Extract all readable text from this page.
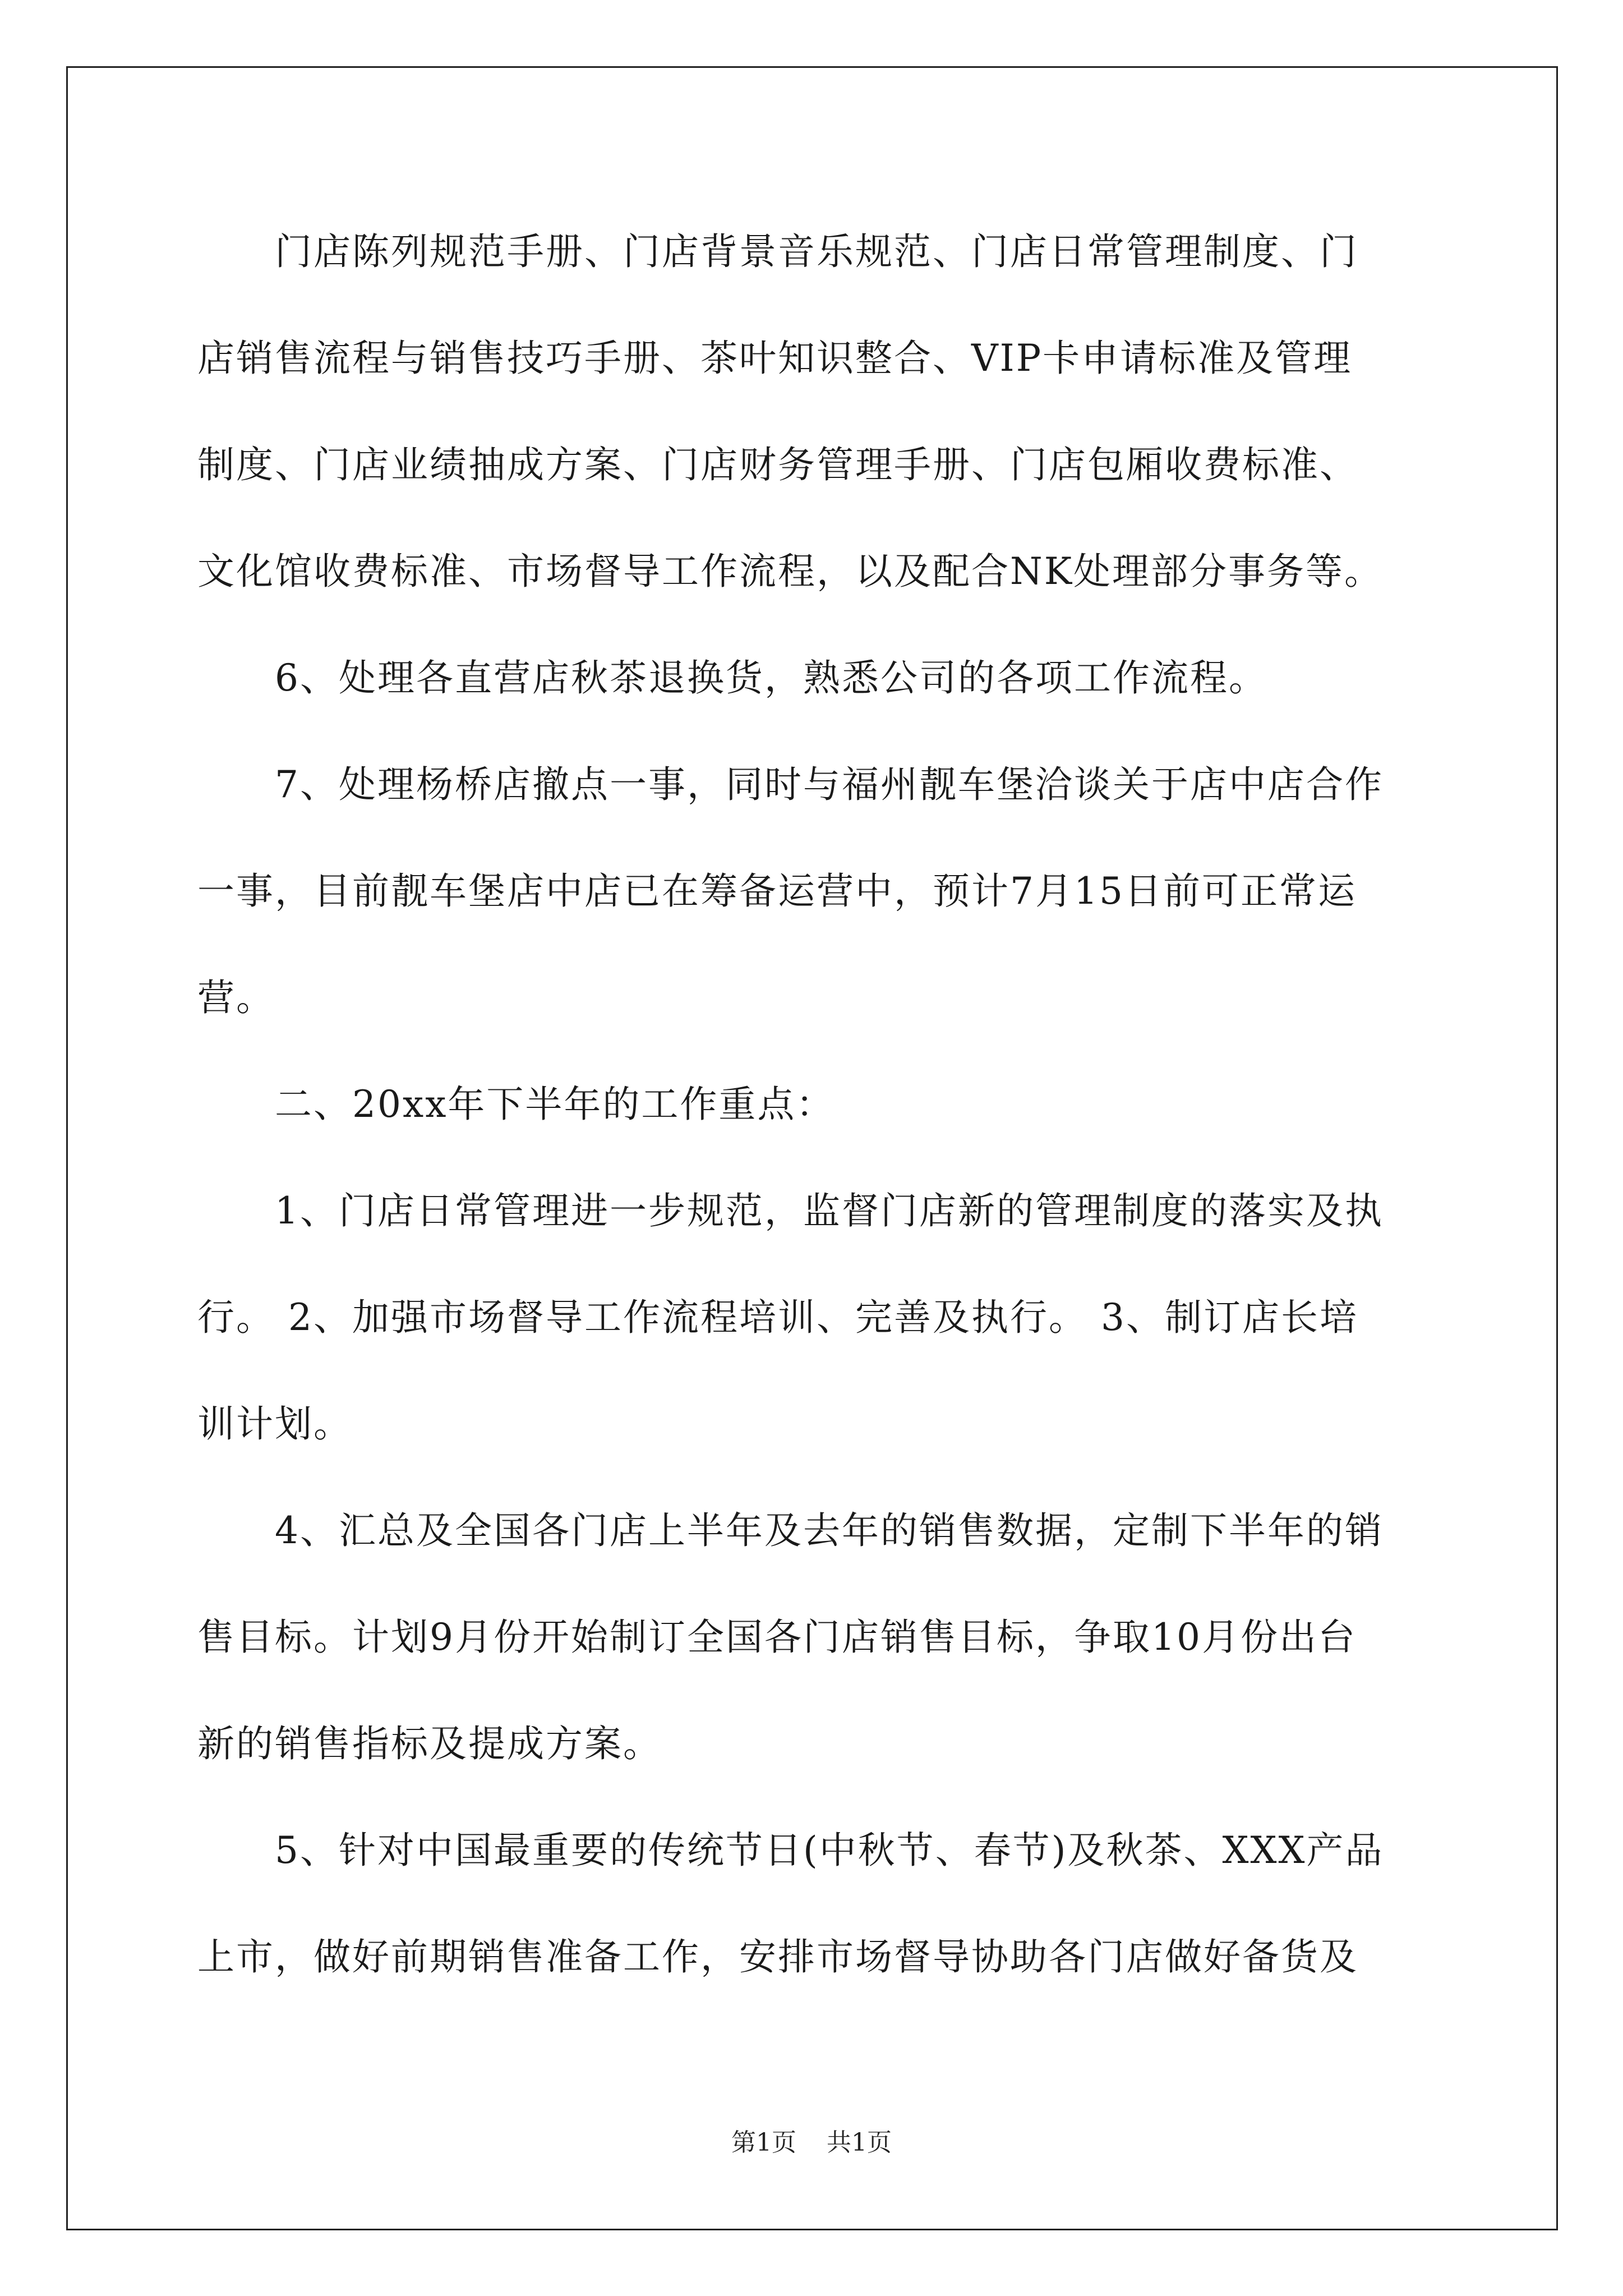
　　门店陈列规范手册、门店背景音乐规范、门店日常管理制度、门
店销售流程与销售技巧手册、茶叶知识整合、VIP卡申请标准及管理
制度、门店业绩抽成方案、门店财务管理手册、门店包厢收费标准、
文化馆收费标准、市场督导工作流程，以及配合NK处理部分事务等。
　　6、处理各直营店秋茶退换货，熟悉公司的各项工作流程。
　　7、处理杨桥店撤点一事，同时与福州靓车堡洽谈关于店中店合作
一事，目前靓车堡店中店已在筹备运营中，预计7月15日前可正常运
营。
　　二、20xx年下半年的工作重点：
　　1、门店日常管理进一步规范，监督门店新的管理制度的落实及执
行。 2、加强市场督导工作流程培训、完善及执行。 3、制订店长培
训计划。
　　4、汇总及全国各门店上半年及去年的销售数据，定制下半年的销
售目标。计划9月份开始制订全国各门店销售目标，争取10月份出台
新的销售指标及提成方案。
　　5、针对中国最重要的传统节日(中秋节、春节)及秋茶、XXX产品
上市，做好前期销售准备工作，安排市场督导协助各门店做好备货及
第1页 共1页
